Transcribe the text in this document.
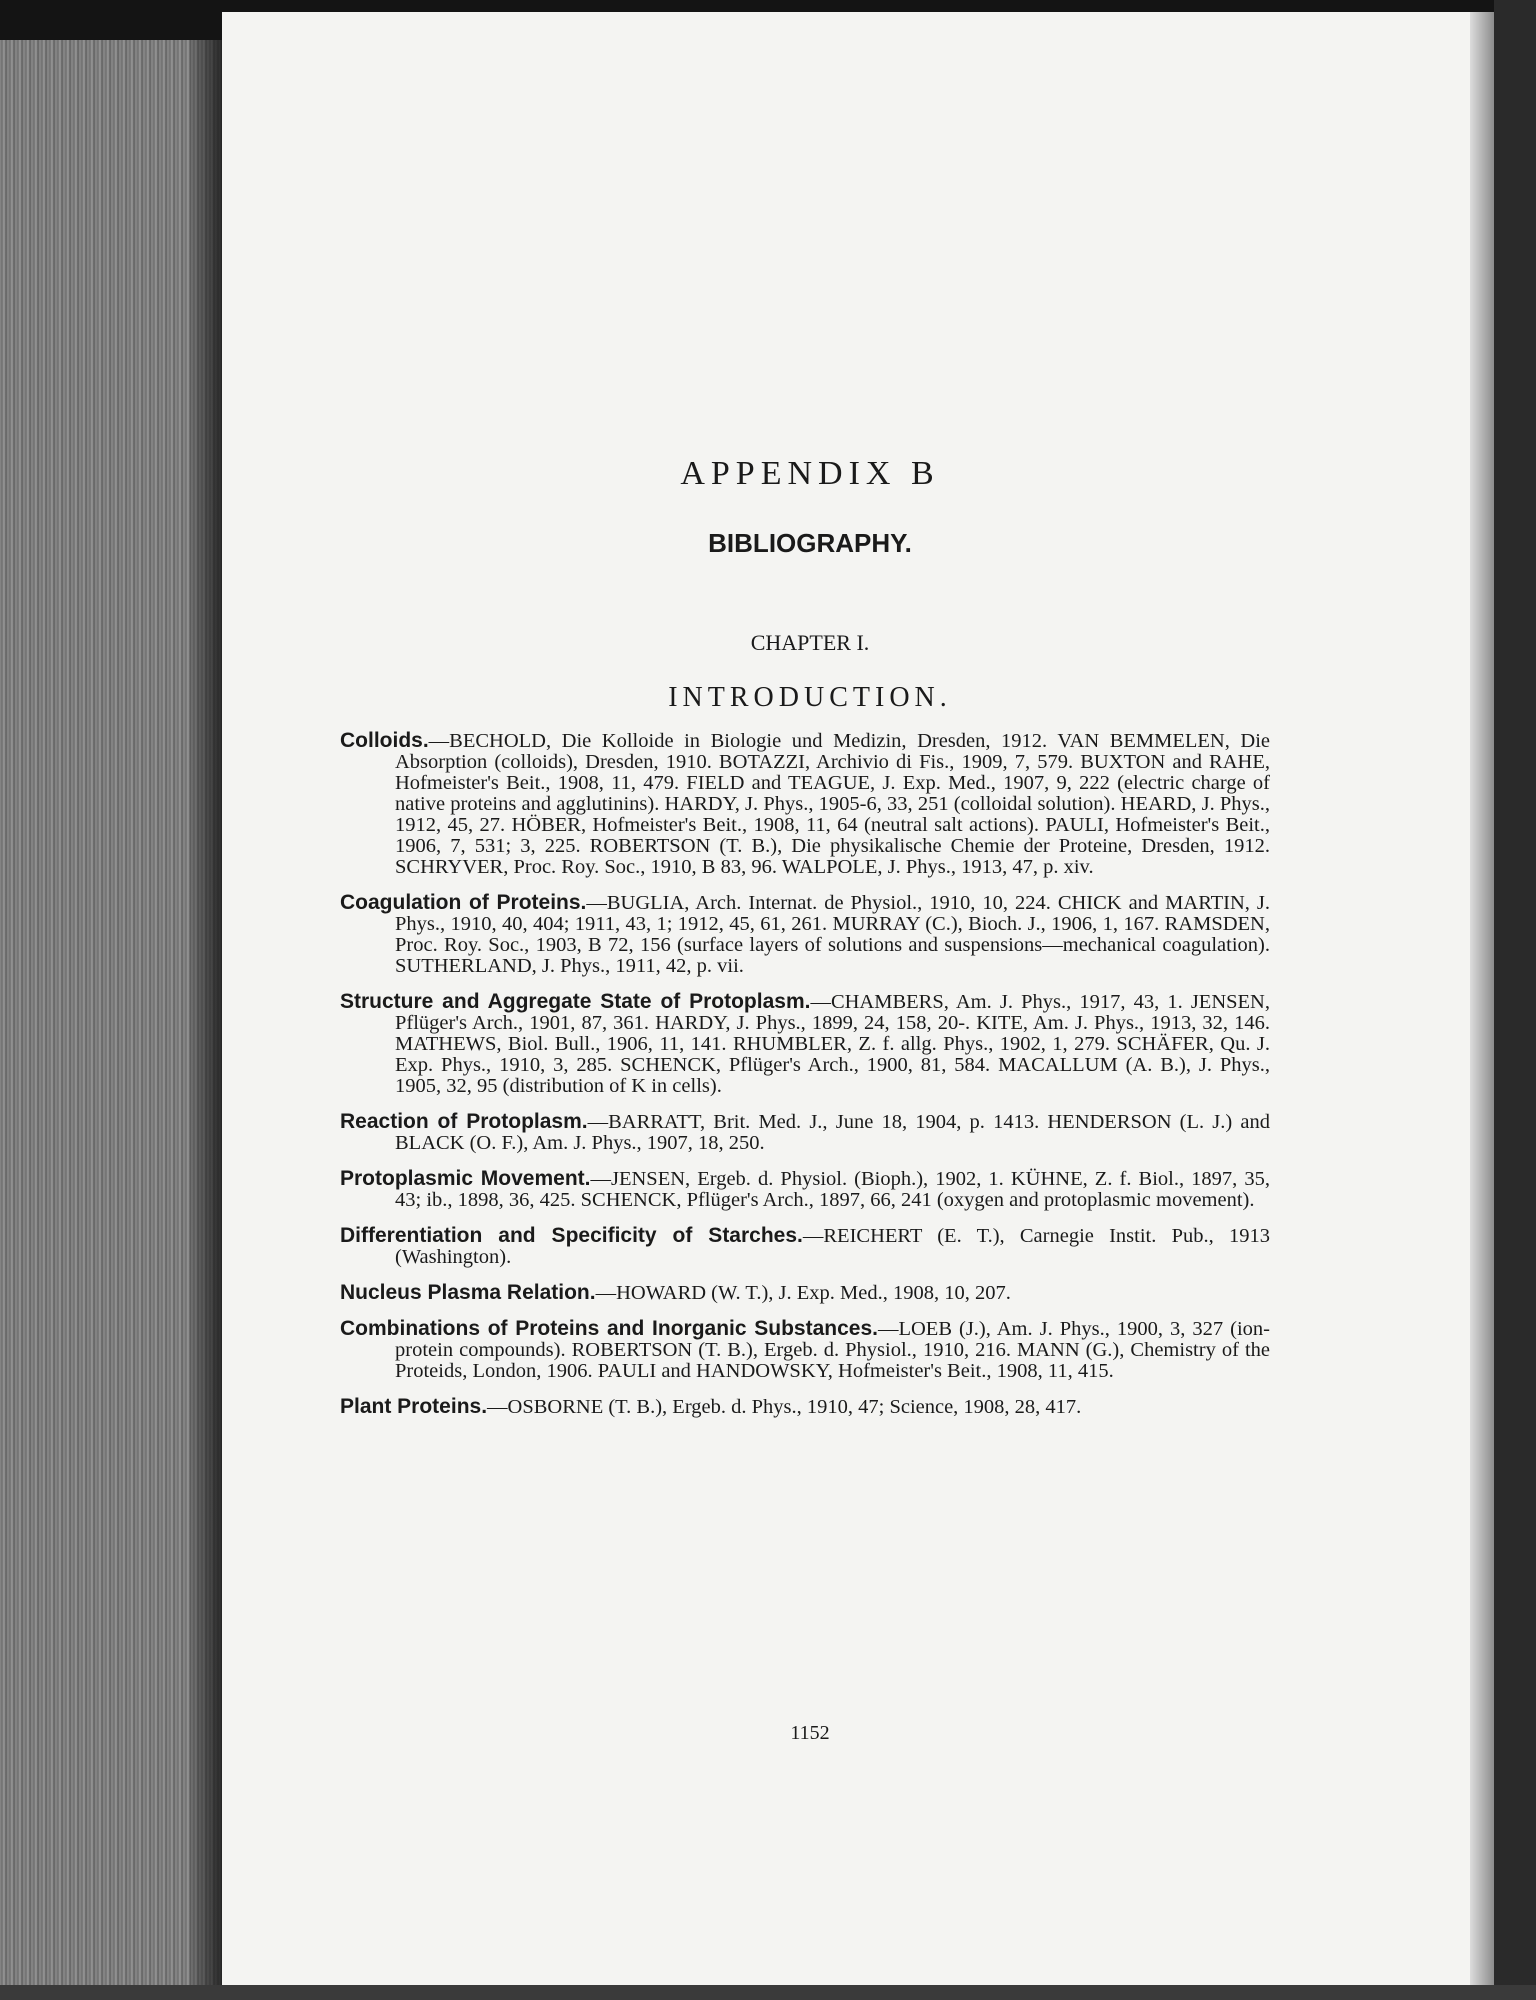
APPENDIX B

BIBLIOGRAPHY.

CHAPTER I.

INTRODUCTION.

Colloids.—BECHOLD, Die Kolloide in Biologie und Medizin, Dresden, 1912. VAN BEMMELEN, Die Absorption (colloids), Dresden, 1910. BOTAZZI, Archivio di Fis., 1909, 7, 579. BUXTON and RAHE, Hofmeister's Beit., 1908, 11, 479. FIELD and TEAGUE, J. Exp. Med., 1907, 9, 222 (electric charge of native proteins and agglutinins). HARDY, J. Phys., 1905-6, 33, 251 (colloidal solution). HEARD, J. Phys., 1912, 45, 27. HÖBER, Hofmeister's Beit., 1908, 11, 64 (neutral salt actions). PAULI, Hofmeister's Beit., 1906, 7, 531; 3, 225. ROBERTSON (T. B.), Die physikalische Chemie der Proteine, Dresden, 1912. SCHRYVER, Proc. Roy. Soc., 1910, B 83, 96. WALPOLE, J. Phys., 1913, 47, p. xiv.

Coagulation of Proteins.—BUGLIA, Arch. Internat. de Physiol., 1910, 10, 224. CHICK and MARTIN, J. Phys., 1910, 40, 404; 1911, 43, 1; 1912, 45, 61, 261. MURRAY (C.), Bioch. J., 1906, 1, 167. RAMSDEN, Proc. Roy. Soc., 1903, B 72, 156 (surface layers of solutions and suspensions—mechanical coagulation). SUTHERLAND, J. Phys., 1911, 42, p. vii.

Structure and Aggregate State of Protoplasm.—CHAMBERS, Am. J. Phys., 1917, 43, 1. JENSEN, Pflüger's Arch., 1901, 87, 361. HARDY, J. Phys., 1899, 24, 158, 20-. KITE, Am. J. Phys., 1913, 32, 146. MATHEWS, Biol. Bull., 1906, 11, 141. RHUMBLER, Z. f. allg. Phys., 1902, 1, 279. SCHÄFER, Qu. J. Exp. Phys., 1910, 3, 285. SCHENCK, Pflüger's Arch., 1900, 81, 584. MACALLUM (A. B.), J. Phys., 1905, 32, 95 (distribution of K in cells).

Reaction of Protoplasm.—BARRATT, Brit. Med. J., June 18, 1904, p. 1413. HENDERSON (L. J.) and BLACK (O. F.), Am. J. Phys., 1907, 18, 250.

Protoplasmic Movement.—JENSEN, Ergeb. d. Physiol. (Bioph.), 1902, 1. KÜHNE, Z. f. Biol., 1897, 35, 43; ib., 1898, 36, 425. SCHENCK, Pflüger's Arch., 1897, 66, 241 (oxygen and protoplasmic movement).

Differentiation and Specificity of Starches.—REICHERT (E. T.), Carnegie Instit. Pub., 1913 (Washington).

Nucleus Plasma Relation.—HOWARD (W. T.), J. Exp. Med., 1908, 10, 207.

Combinations of Proteins and Inorganic Substances.—LOEB (J.), Am. J. Phys., 1900, 3, 327 (ion-protein compounds). ROBERTSON (T. B.), Ergeb. d. Physiol., 1910, 216. MANN (G.), Chemistry of the Proteids, London, 1906. PAULI and HANDOWSKY, Hofmeister's Beit., 1908, 11, 415.

Plant Proteins.—OSBORNE (T. B.), Ergeb. d. Phys., 1910, 47; Science, 1908, 28, 417.

1152
